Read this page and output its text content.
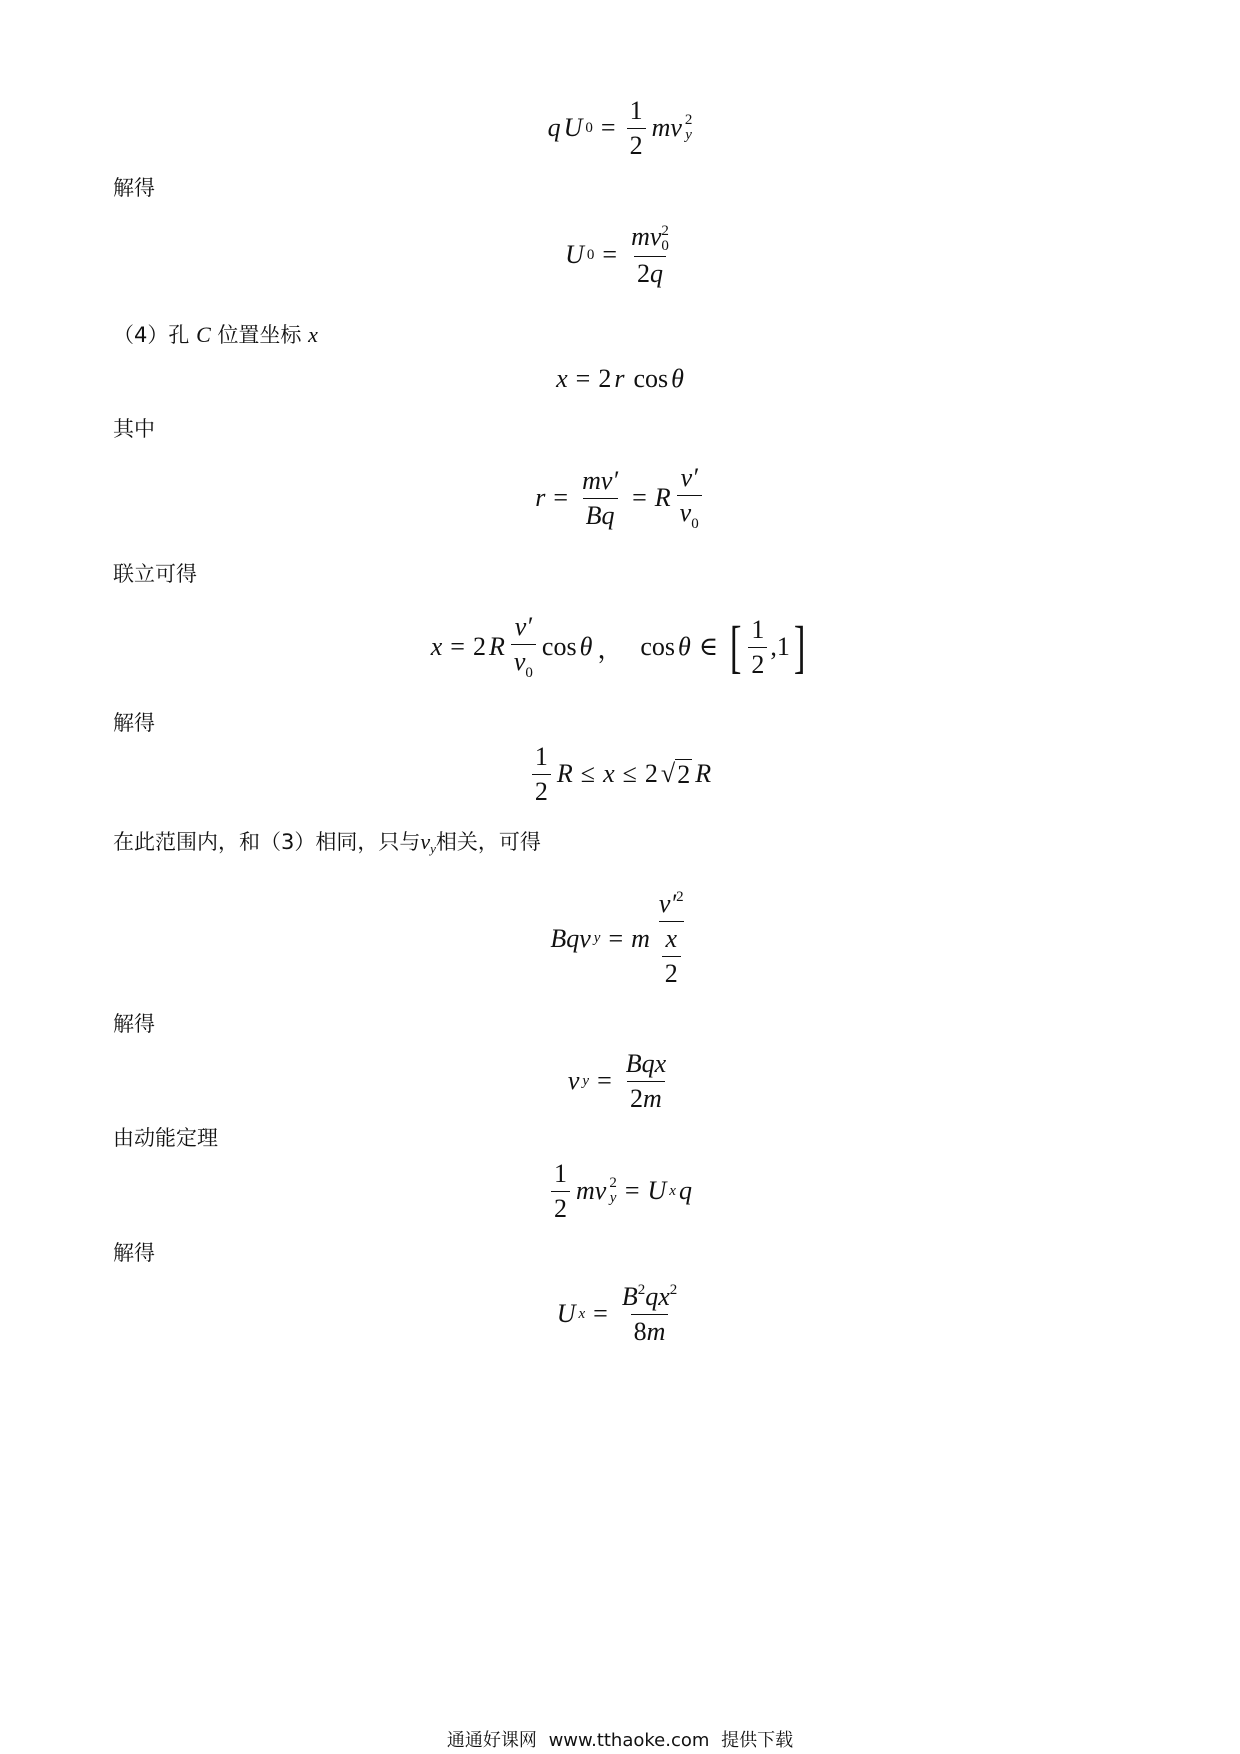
q U $0 = \frac{1}{2}$ mv 2
y
解得
U 0 = mv 2
0
2q
（4）孔 C 位置坐标 x
x = 2 r cos θ
其中
$r = \frac{mv'}{Bq} = R \frac{v'}{v_0}$
联立可得
x = 2 R $\frac{v'}{v_0}$ cos θ ， cos θ ∈ [ $\frac{1}{2} ,1$ ]
解得
$\frac{1}{2}$ R ≤ x ≤ 2 √ 2 R
在此范围内，和（3）相同，只与$v_y$相关，可得
Bqv y = m $\frac{v'^2}{\frac{x}{2}}$
解得
v $y = \frac{\text{Bqx}}{2m}$
由动能定理
$\frac{1}{2}$ mv 2
y = U x q
解得
U $x = \frac{B^2qx^2}{8m}$
通通好课网 www.tthaoke.com 提供下载
